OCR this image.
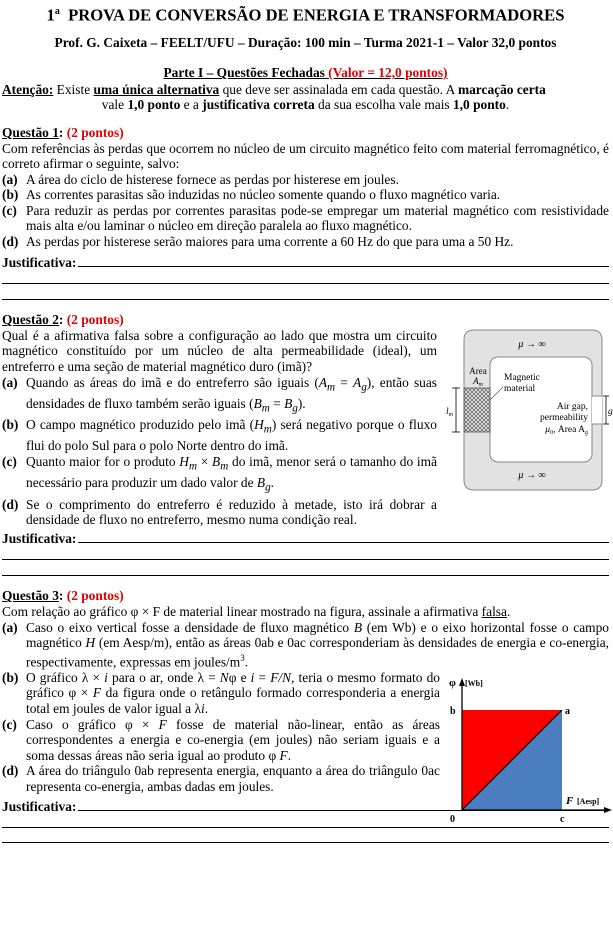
1$^a$ PROVA DE CONVERSÃO DE ENERGIA E TRANSFORMADORES
Prof. G. Caixeta – FEELT/UFU – Duração: 100 min – Turma 2021-1 – Valor 32,0 pontos
Parte I – Questões Fechadas (Valor = 12,0 pontos)
Atenção: Existe uma única alternativa que deve ser assinalada em cada questão. A marcação certa
vale 1,0 ponto e a justificativa correta da sua escolha vale mais 1,0 ponto.
Questão 1: (2 pontos)
Com referências às perdas que ocorrem no núcleo de um circuito magnético feito com material ferromagnético, é correto afirmar o seguinte, salvo:
(a) A área do ciclo de histerese fornece as perdas por histerese em joules.
(b) As correntes parasitas são induzidas no núcleo somente quando o fluxo magnético varia.
(c) Para reduzir as perdas por correntes parasitas pode-se empregar um material magnético com resistividade mais alta e/ou laminar o núcleo em direção paralela ao fluxo magnético.
(d) As perdas por histerese serão maiores para uma corrente a 60 Hz do que para uma a 50 Hz.
Justificativa:
Questão 2: (2 pontos)
Qual é a afirmativa falsa sobre a configuração ao lado que mostra um circuito magnético constituído por um núcleo de alta permeabilidade (ideal), um entreferro e uma seção de material magnético duro (imã)?
(a) Quando as áreas do imã e do entreferro são iguais $(A_m = A_g)$, então suas densidades de fluxo também serão iguais $(B_m = B_g)$.
(b) O campo magnético produzido pelo imã $(H_m)$ será negativo porque o fluxo flui do polo Sul para o polo Norte dentro do imã.
(c) Quanto maior for o produto $H_m \times B_m$ do imã, menor será o tamanho do imã necessário para produzir um dado valor de $B_g$.
(d) Se o comprimento do entreferro é reduzido à metade, isto irá dobrar a densidade de fluxo no entreferro, mesmo numa condição real.
μ → ∞
μ → ∞
Area
$A_m$
Magnetic
material
Air gap,
permeability
$\mu_0$, Area $A_g$
$l_m$	g
Justificativa:
Questão 3: (2 pontos)
Com relação ao gráfico φ × F de material linear mostrado na figura, assinale a afirmativa falsa.
(a) Caso o eixo vertical fosse a densidade de fluxo magnético B (em Wb) e o eixo horizontal fosse o campo magnético H (em Aesp/m), então as áreas 0ab e 0ac corresponderiam às densidades de energia e co-energia, respectivamente, expressas em joules/$m^3$.
(b) O gráfico λ × i para o ar, onde λ = Nφ e i = F/N, teria o mesmo formato do gráfico φ × F da figura onde o retângulo formado corresponderia a energia total em joules de valor igual a λi.
(c) Caso o gráfico φ × F fosse de material não-linear, então as áreas correspondentes a energia e co-energia (em joules) não seriam iguais e a soma dessas áreas não seria igual ao produto φ F.
(d) A área do triângulo 0ab representa energia, enquanto a área do triângulo 0ac representa co-energia, ambas dadas em joules.
φ [Wb]
b	a
0	c
F [Aesp]
Justificativa:
